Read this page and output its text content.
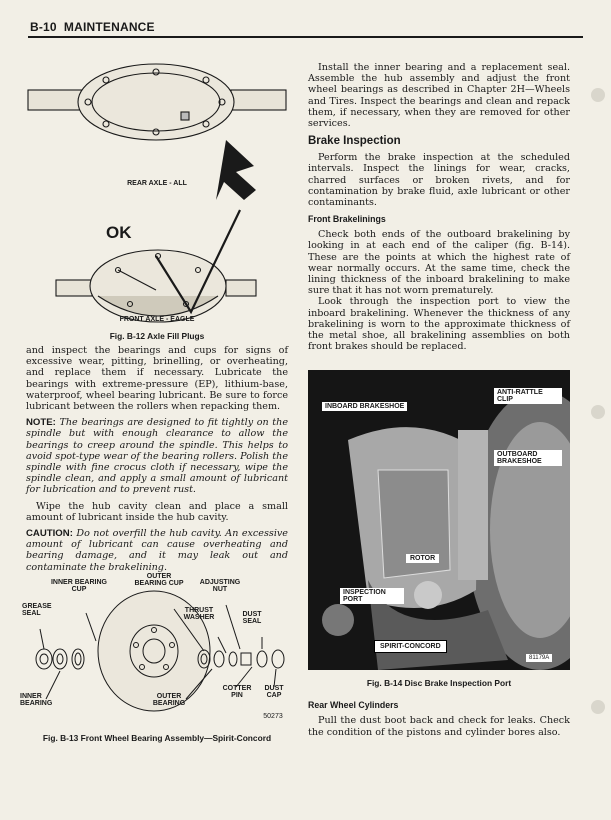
B-10 MAINTENANCE
OK
REAR AXLE - ALL
FRONT AXLE - EAGLE
Fig. B-12 Axle Fill Plugs

and inspect the bearings and cups for signs of excessive wear, pitting, brinelling, or overheating, and replace them if necessary. Lubricate the bearings with extreme-pressure (EP), lithium-base, waterproof, wheel bearing lubricant. Be sure to force lubricant between the rollers when repacking them.

NOTE: The bearings are designed to fit tightly on the spindle but with enough clearance to allow the bearings to creep around the spindle. This helps to avoid spot-type wear of the bearing rollers. Polish the spindle with fine crocus cloth if necessary, wipe the spindle clean, and apply a small amount of lubricant for lubrication and to prevent rust.

Wipe the hub cavity clean and place a small amount of lubricant inside the hub cavity.

CAUTION: Do not overfill the hub cavity. An excessive amount of lubricant can cause overheating and bearing damage, and it may leak out and contaminate the brakelining.

INNER BEARING CUP
OUTER BEARING CUP	ADJUSTING NUT
GREASE SEAL	THRUST WASHER	DUST SEAL
COTTER PIN
DUST CAP
INNER BEARING
OUTER BEARING
50273
Fig. B-13 Front Wheel Bearing Assembly—Spirit-Concord

Install the inner bearing and a replacement seal. Assemble the hub assembly and adjust the front wheel bearings as described in Chapter 2H—Wheels and Tires. Inspect the bearings and clean and repack them, if necessary, when they are removed for other services.

Brake Inspection

Perform the brake inspection at the scheduled intervals. Inspect the linings for wear, cracks, charred surfaces or broken rivets, and for contamination by brake fluid, axle lubricant or other contaminants.

Front Brakelinings

Check both ends of the outboard brakelining by looking in at each end of the caliper (fig. B-14). These are the points at which the highest rate of wear normally occurs. At the same time, check the lining thickness of the inboard brakelining to make sure that it has not worn prematurely.

Look through the inspection port to view the inboard brakelining. Whenever the thickness of any brakelining is worn to the approximate thickness of the metal shoe, all brakelining assemblies on both front brakes should be replaced.

INBOARD BRAKESHOE
ANTI-RATTLE CLIP
OUTBOARD BRAKESHOE
ROTOR
INSPECTION PORT
SPIRIT-CONCORD
81179A
Fig. B-14 Disc Brake Inspection Port
Rear Wheel Cylinders

Pull the dust boot back and check for leaks. Check the condition of the pistons and cylinder bores also.
